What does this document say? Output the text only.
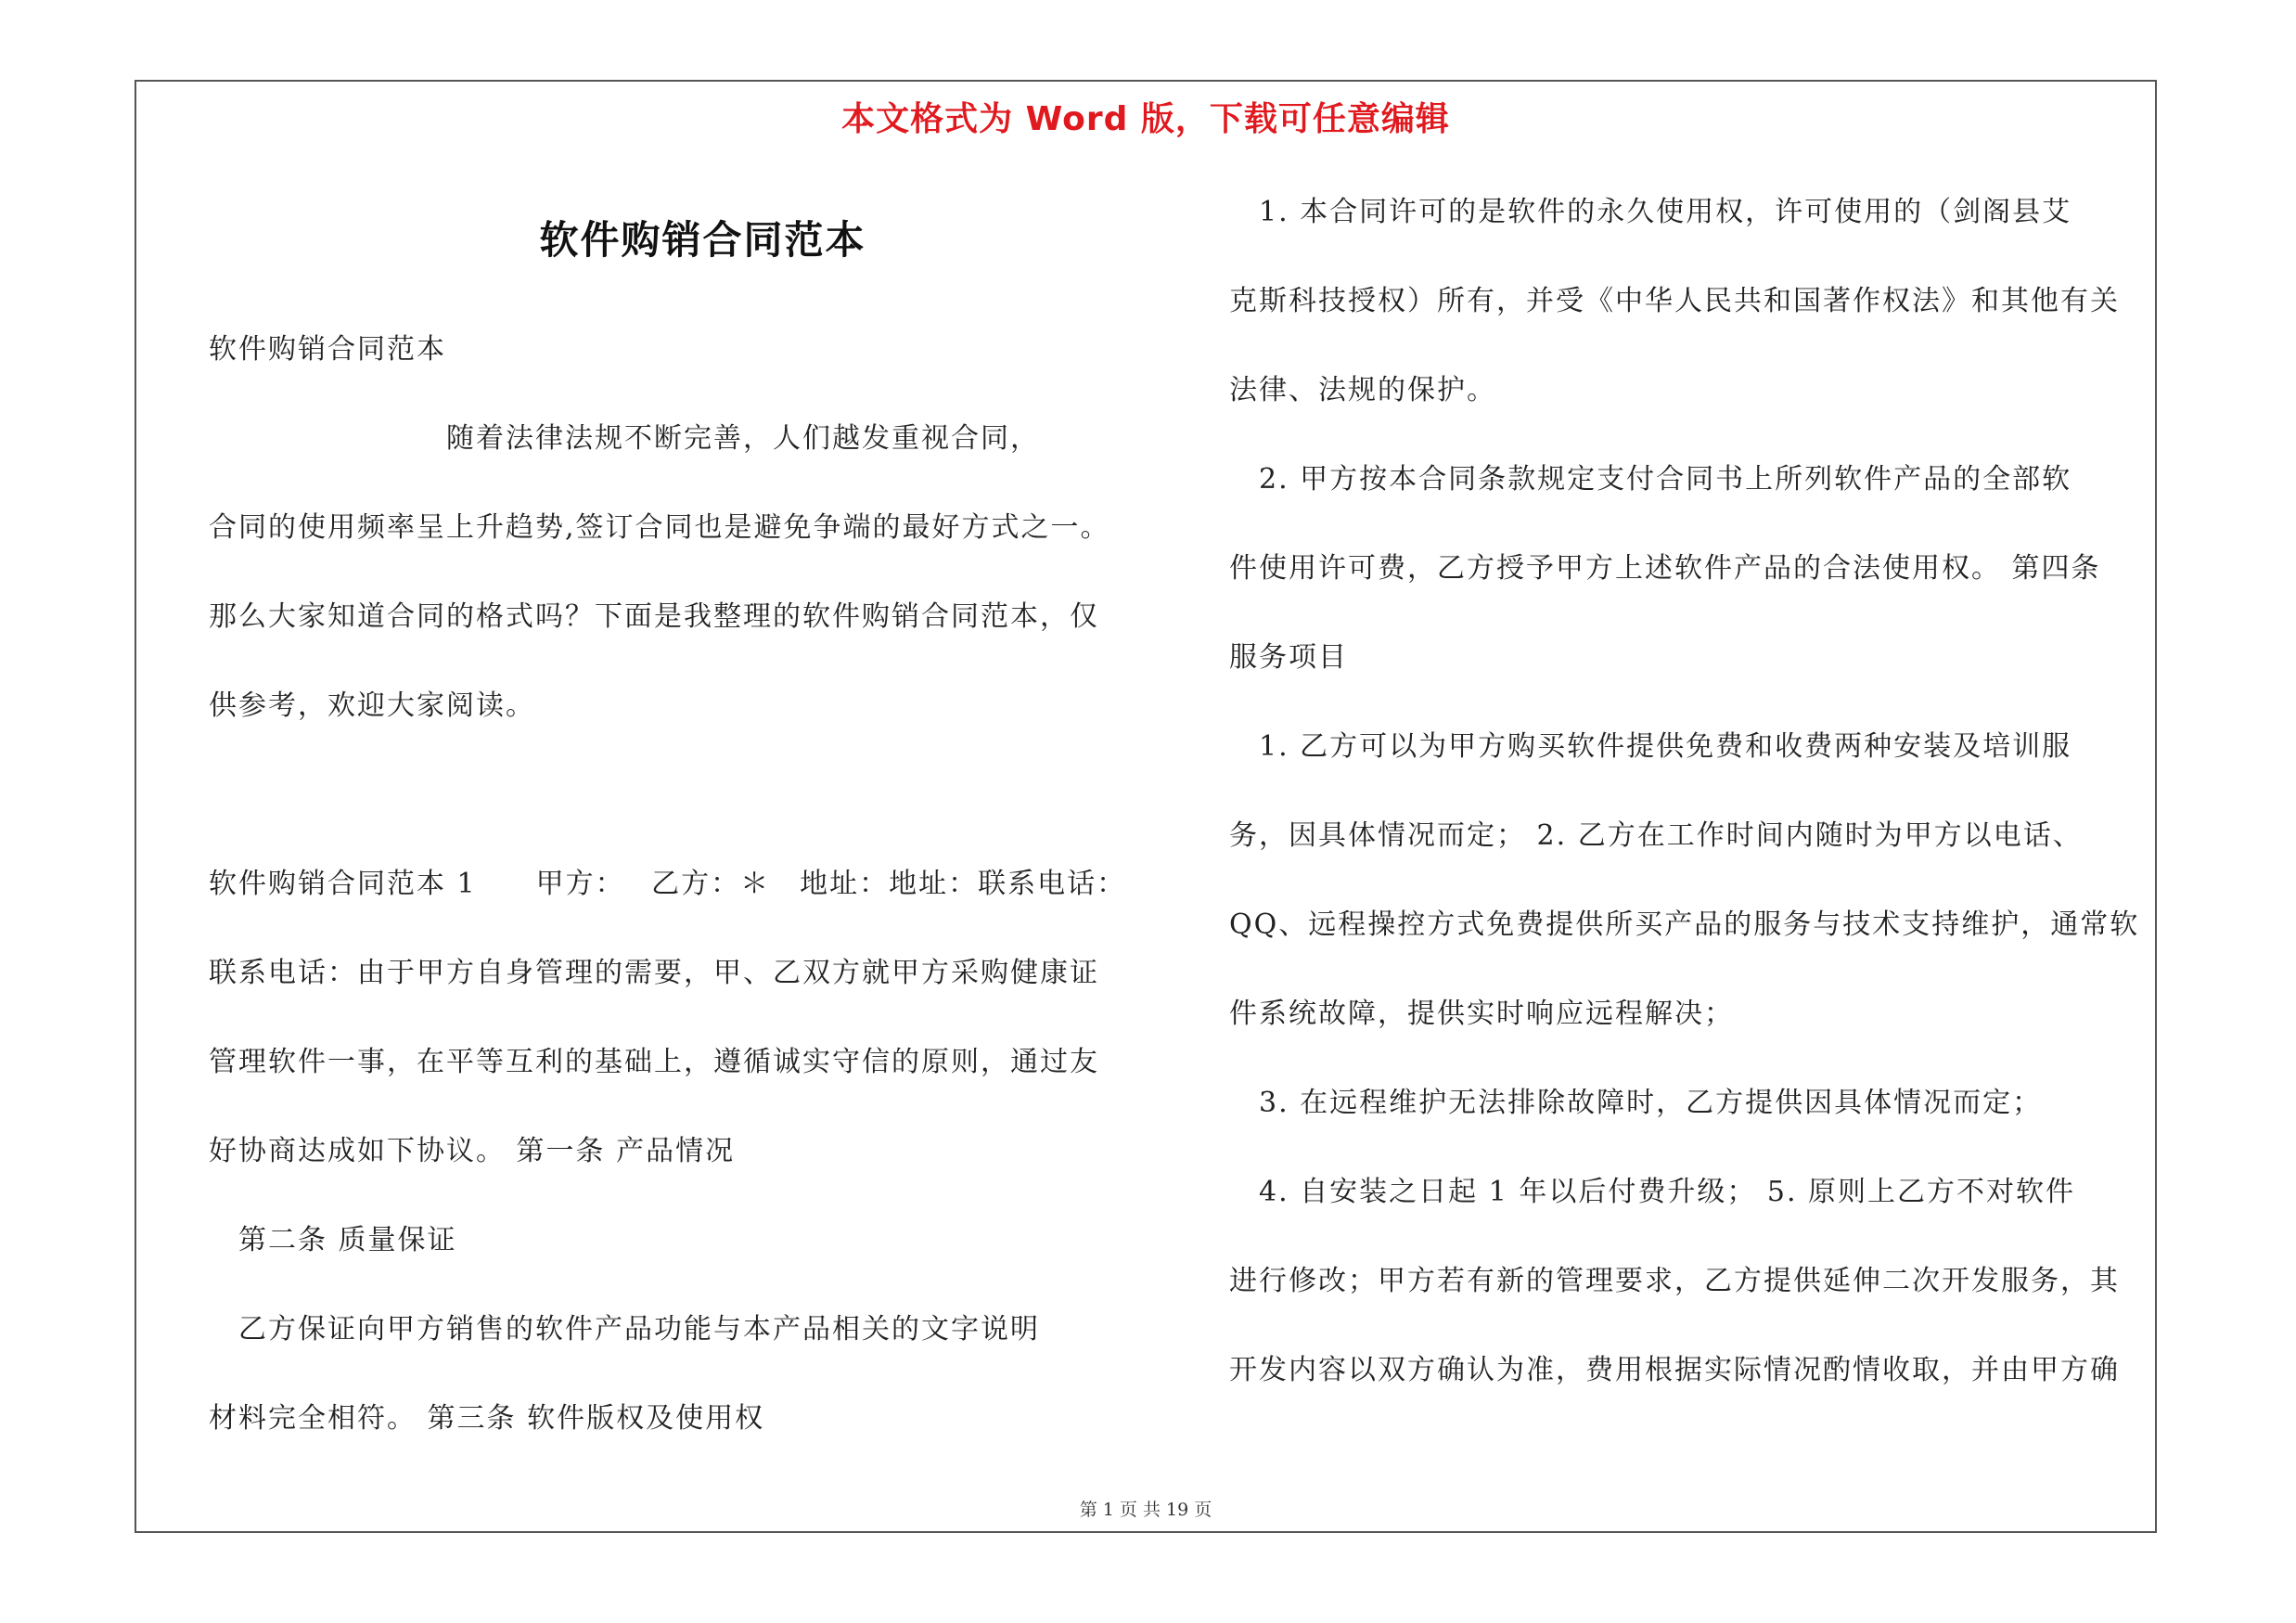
本文格式为 Word 版，下载可任意编辑
软件购销合同范本
软件购销合同范本
　　　　　　　　随着法律法规不断完善，人们越发重视合同，
合同的使用频率呈上升趋势,签订合同也是避免争端的最好方式之一。
那么大家知道合同的格式吗？下面是我整理的软件购销合同范本，仅
供参考，欢迎大家阅读。
软件购销合同范本 1　　甲方：　 乙方：＊　地址：地址：联系电话：
联系电话：由于甲方自身管理的需要，甲、乙双方就甲方采购健康证
管理软件一事，在平等互利的基础上，遵循诚实守信的原则，通过友
好协商达成如下协议。 第一条 产品情况
　第二条 质量保证
　乙方保证向甲方销售的软件产品功能与本产品相关的文字说明
材料完全相符。 第三条 软件版权及使用权
　1. 本合同许可的是软件的永久使用权，许可使用的（剑阁县艾
克斯科技授权）所有，并受《中华人民共和国著作权法》和其他有关
法律、法规的保护。
　2. 甲方按本合同条款规定支付合同书上所列软件产品的全部软
件使用许可费，乙方授予甲方上述软件产品的合法使用权。 第四条
服务项目
　1. 乙方可以为甲方购买软件提供免费和收费两种安装及培训服
务，因具体情况而定； 2. 乙方在工作时间内随时为甲方以电话、
QQ、远程操控方式免费提供所买产品的服务与技术支持维护，通常软
件系统故障，提供实时响应远程解决；
　3. 在远程维护无法排除故障时，乙方提供因具体情况而定；
　4. 自安装之日起 1 年以后付费升级； 5. 原则上乙方不对软件
进行修改；甲方若有新的管理要求，乙方提供延伸二次开发服务，其
开发内容以双方确认为准，费用根据实际情况酌情收取，并由甲方确
第 1 页 共 19 页
